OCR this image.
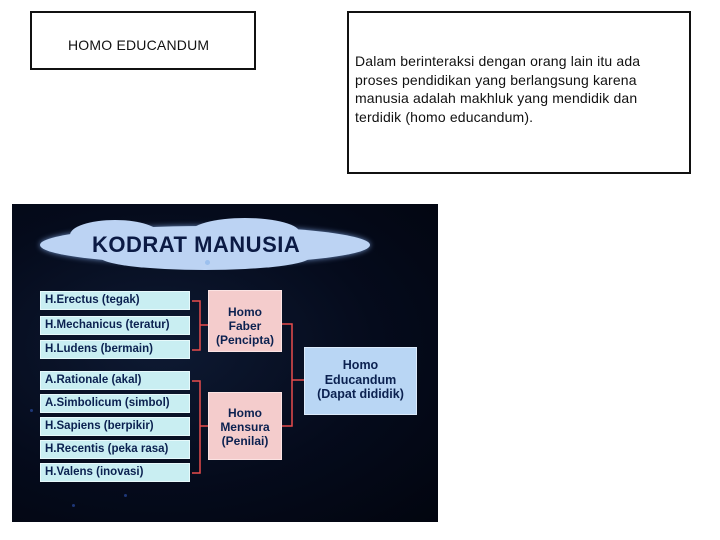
HOMO EDUCANDUM
Dalam berinteraksi dengan orang lain itu ada proses pendidikan yang berlangsung karena manusia adalah makhluk yang mendidik dan terdidik (homo educandum).
KODRAT MANUSIA
H.Erectus (tegak)
H.Mechanicus (teratur)
H.Ludens (bermain)
A.Rationale (akal)
A.Simbolicum (simbol)
H.Sapiens (berpikir)
H.Recentis (peka rasa)
H.Valens (inovasi)
Homo
Faber
(Pencipta)
Homo
Mensura
(Penilai)
Homo
Educandum
(Dapat dididik)
